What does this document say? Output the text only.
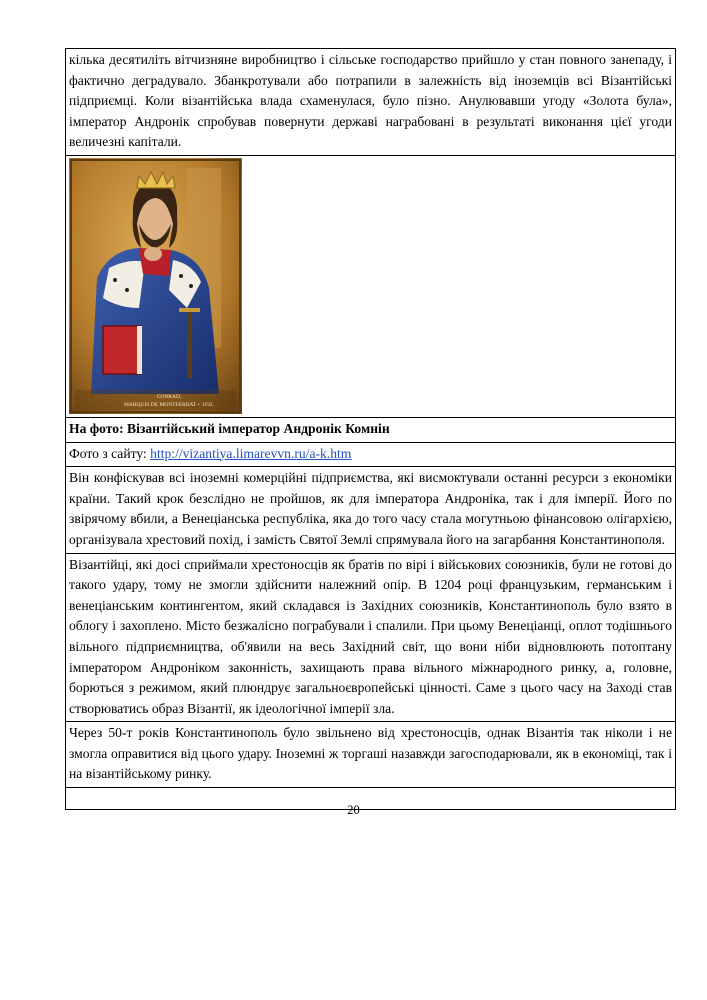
кілька десятиліть вітчизняне виробництво і сільське господарство прийшло у стан повного занепаду, і фактично деградувало. Збанкротували або потрапили в залежність від іноземців всі Візантійські підприємці. Коли візантійська влада схаменулася, було пізно. Анулювавши угоду «Золота була», імператор Андронік спробував повернути державі награбовані в результаті виконання цієї угоди величезні капітали.

CONRAD,
MARQUIS DE MONTFERRAT + 1192.

На фото: Візантійський імператор Андронік Комнін
Фото з сайту: http://vizantiya.limarevvn.ru/a-k.htm
Він конфіскував всі іноземні комерційні підприємства, які висмоктували останні ресурси з економіки країни. Такий крок безслідно не пройшов, як для імператора Андроніка, так і для імперії. Його по звірячому вбили, а Венеціанська республіка, яка до того часу стала могутньою фінансовою олігархією, організувала хрестовий похід, і замість Святої Землі спрямувала його на загарбання Константинополя.
Візантійці, які досі сприймали хрестоносців як братів по вірі і військових союзників, були не готові до такого удару, тому не змогли здійснити належний опір. В 1204 році французьким, германським і венеціанським контингентом, який складався із Західних союзників, Константинополь було взято в облогу і захоплено. Місто безжалісно пограбували і спалили. При цьому Венеціанці, оплот тодішнього вільного підприємництва, об'явили на весь Західний світ, що вони ніби відновлюють потоптану імператором Андроніком законність, захищають права вільного міжнародного ринку, а, головне, борються з режимом, який плюндрує загальноєвропейські цінності. Саме з цього часу на Заході став створюватись образ Візантії, як ідеологічної імперії зла.
Через 50-т років Константинополь було звільнено від хрестоносців, однак Візантія так ніколи і не змогла оправитися від цього удару. Іноземні ж торгаші назавжди загосподарювали, як в економіці, так і на візантійському ринку.

20
